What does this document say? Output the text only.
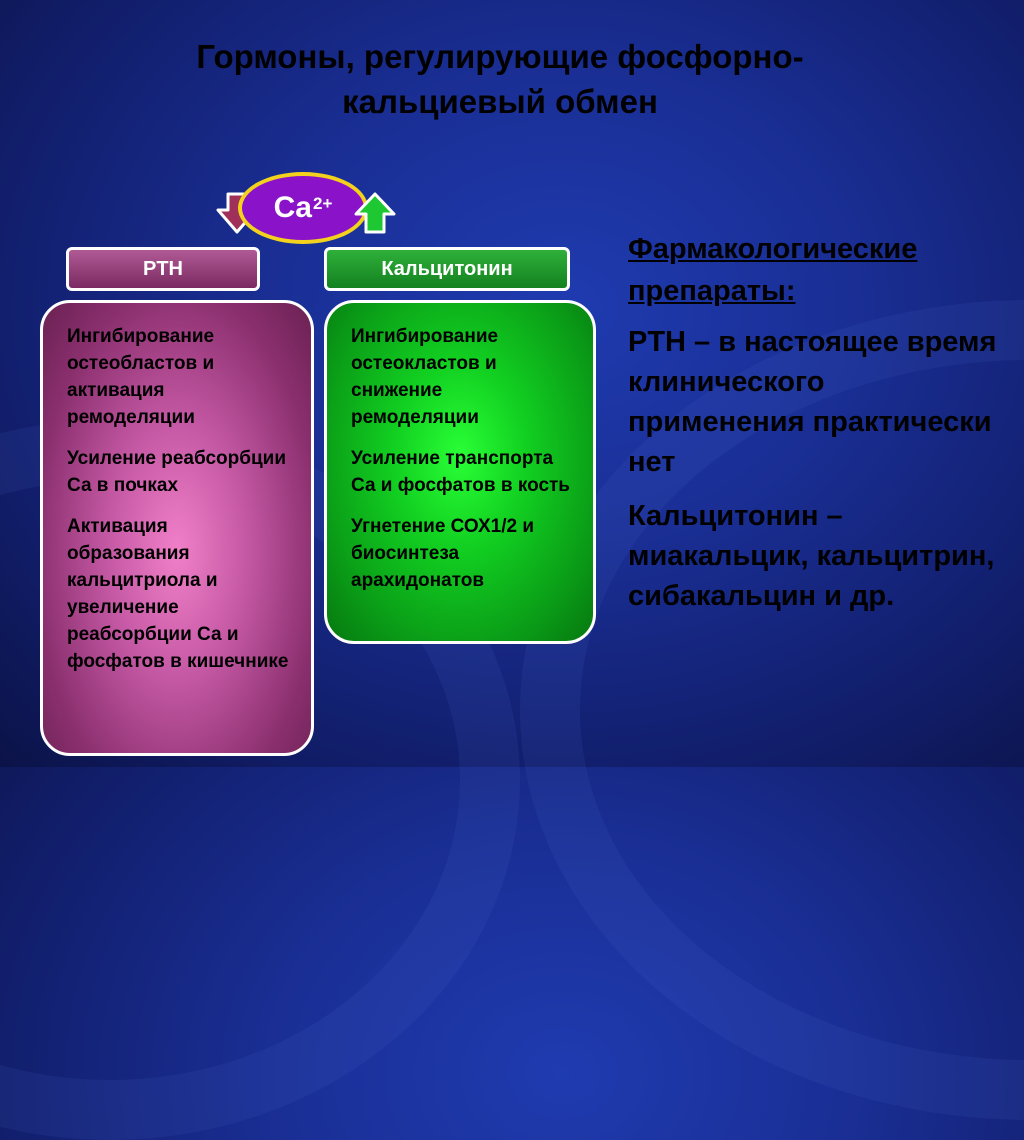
Гормоны, регулирующие фосфорно-
кальциевый обмен
$Ca^{2+}$
PTH	Кальцитонин

Ингибирование остеобластов и активация ремоделяции

Усиление реабсорбции Са в почках

Активация образования кальцитриола и увеличение реабсорбции Са и фосфатов в кишечнике

Ингибирование остеокластов и снижение ремоделяции

Усиление транспорта Са и фосфатов в кость

Угнетение СОХ1/2 и биосинтеза арахидонатов

Фармакологические препараты:
PTH – в настоящее время клинического применения практически нет
Кальцитонин – миакальцик, кальцитрин, сибакальцин и др.
